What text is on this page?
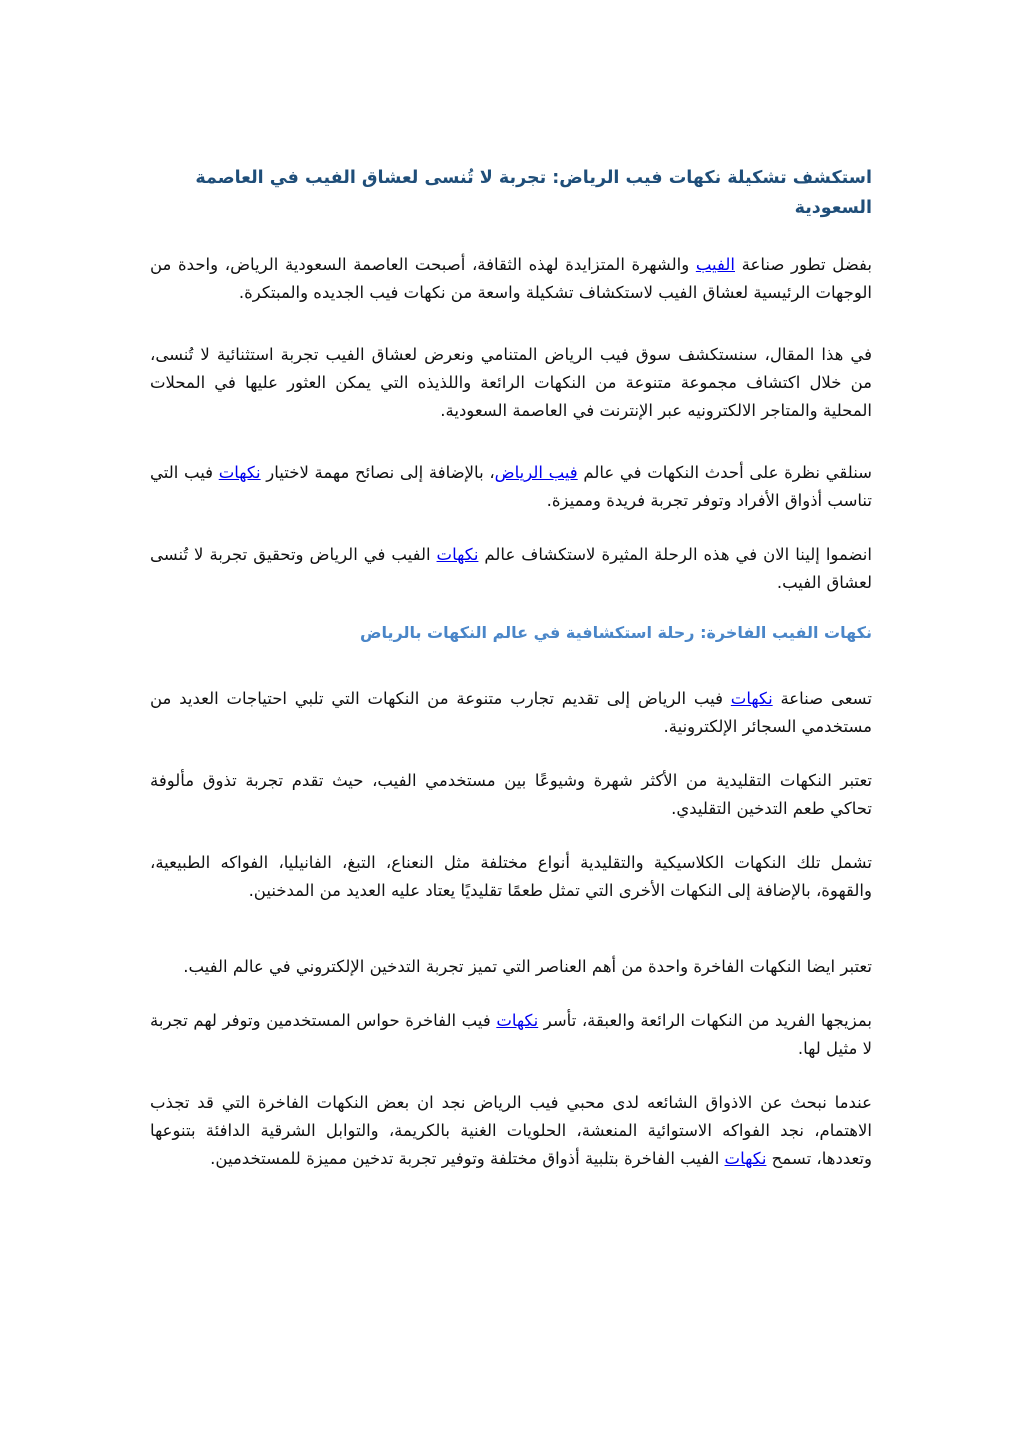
استكشف تشكيلة نكهات فيب الرياض: تجربة لا تُنسى لعشاق الفيب في العاصمة السعودية

بفضل تطور صناعة الفيب والشهرة المتزايدة لهذه الثقافة، أصبحت العاصمة السعودية الرياض، واحدة من الوجهات الرئيسية لعشاق الفيب لاستكشاف تشكيلة واسعة من نكهات فيب الجديده والمبتكرة.

في هذا المقال، سنستكشف سوق فيب الرياض المتنامي ونعرض لعشاق الفيب تجربة استثنائية لا تُنسى، من خلال اكتشاف مجموعة متنوعة من النكهات الرائعة واللذيذه التي يمكن العثور عليها في المحلات المحلية والمتاجر الالكترونيه عبر الإنترنت في العاصمة السعودية.

سنلقي نظرة على أحدث النكهات في عالم فيب الرياض، بالإضافة إلى نصائح مهمة لاختيار نكهات فيب التي تناسب أذواق الأفراد وتوفر تجربة فريدة ومميزة.

انضموا إلينا الان في هذه الرحلة المثيرة لاستكشاف عالم نكهات الفيب في الرياض وتحقيق تجربة لا تُنسى لعشاق الفيب.

نكهات الفيب الفاخرة: رحلة استكشافية في عالم النكهات بالرياض

تسعى صناعة نكهات فيب الرياض إلى تقديم تجارب متنوعة من النكهات التي تلبي احتياجات العديد من مستخدمي السجائر الإلكترونية.

تعتبر النكهات التقليدية من الأكثر شهرة وشيوعًا بين مستخدمي الفيب، حيث تقدم تجربة تذوق مألوفة تحاكي طعم التدخين التقليدي.

تشمل تلك النكهات الكلاسيكية والتقليدية أنواع مختلفة مثل النعناع، التبغ، الفانيليا، الفواكه الطبيعية، والقهوة، بالإضافة إلى النكهات الأخرى التي تمثل طعمًا تقليديًا يعتاد عليه العديد من المدخنين.

تعتبر ايضا النكهات الفاخرة واحدة من أهم العناصر التي تميز تجربة التدخين الإلكتروني في عالم الفيب.

بمزيجها الفريد من النكهات الرائعة والعبقة، تأسر نكهات فيب الفاخرة حواس المستخدمين وتوفر لهم تجربة لا مثيل لها.

عندما نبحث عن الاذواق الشائعه لدى محبي فيب الرياض نجد ان بعض النكهات الفاخرة التي قد تجذب الاهتمام، نجد الفواكه الاستوائية المنعشة، الحلويات الغنية بالكريمة، والتوابل الشرقية الدافئة بتنوعها وتعددها، تسمح نكهات الفيب الفاخرة بتلبية أذواق مختلفة وتوفير تجربة تدخين مميزة للمستخدمين.
